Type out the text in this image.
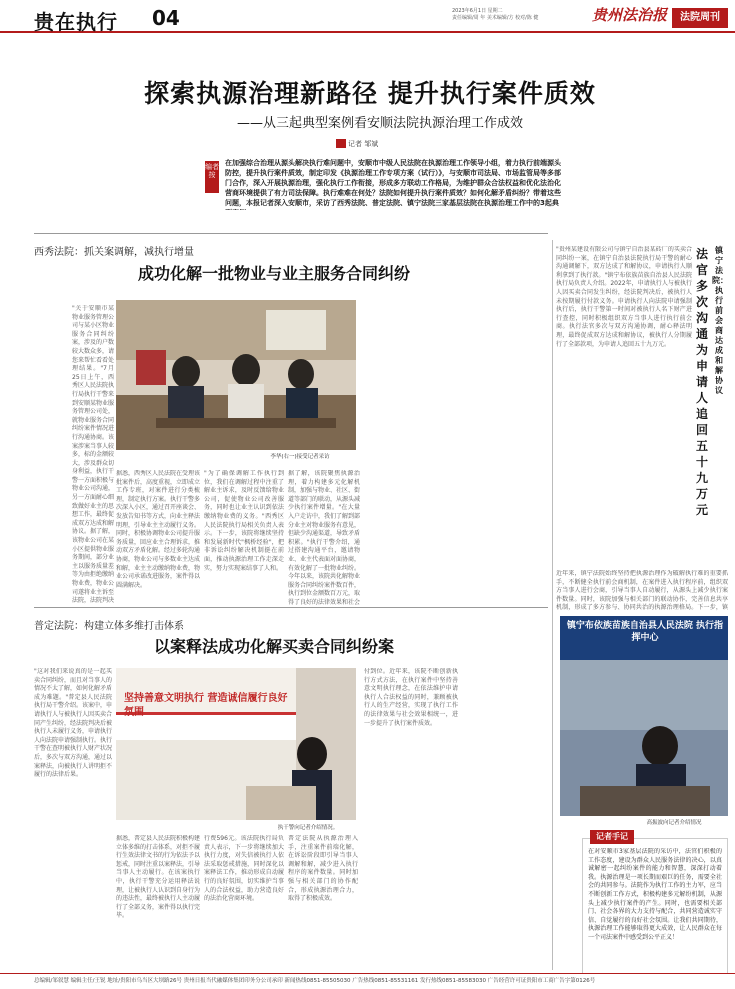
贵在执行 04	2023年6月1日 星期二
责任编辑/周 年 美术编辑/方 校对/陈 健	贵州法治报	法院周刊
探索执源治理新路径 提升执行案件质效
——从三起典型案例看安顺法院执源治理工作成效
记者 邹斌
编者按
在加强综合治理从源头解决执行难问题中，安顺市中级人民法院在执源治理工作领导小组，着力执行前端源头防控，提升执行案件质效，制定印发《执源治理工作专项方案（试行）》，与安顺市司法局、市场监管局等多部门合作，深入开展执源治理，强化执行工作衔接，形成多方联动工作格局，为维护群众合法权益和优化法治化营商环境提供了有力司法保障。执行难难在何处？法院如何提升执行案件质效？如何化解矛盾纠纷？带着这些问题，本报记者深入安顺市，采访了西秀法院、普定法院、镇宁法院三家基层法院在执源治理工作中的3起典
西秀法院：抓关案调解，减执行增量
成功化解一批物业与业主服务合同纠纷
李华(右一)接受记者采访
"关于安顺市某物业服务管理公司与某小区物业服务合同纠纷案，涉及的户数较大数众多，请您来帮忙看看处理结果。"7月25日上午，西秀区人民法院执行局执行干警来到安顺某物业服务管理公司处，就物业服务合同纠纷案件情况进行沟通协商。该案涉案当事人较多，标的金额较大，涉及群众切身利益，执行干警一方面积极与物业公司沟通，另一方面耐心细致做好业主的思想工作，最终促成双方达成和解协议。据了解，该物业公司在某小区提供物业服务期间，部分业主以服务质量差等为由拒绝缴纳物业费，物业公司遂将业主诉至法院，法院判决
据悉，西秀区人民法院在受理该批案件后，高度重视，立即成立工作专班，对案件进行分类梳理，制定执行方案。执行干警多次深入小区，通过召开座谈会、发放告知书等方式，向业主释法明理，引导业主主动履行义务。同时，积极协调物业公司提升服务质量，回应业主合理诉求，推动双方矛盾化解。经过多轮沟通协商，物业公司与多数业主达成和解，业主主动缴纳物业费，物业公司承诺改进服务，案件得以圆满解决。
"为了确保调解工作执行到位，我们在调解过程中注重了解业主诉求，及时反馈给物业公司，促使物业公司改善服务，同时也让业主认识到依法缴纳物业费的义务。"西秀区人民法院执行局相关负责人表示。下一步，该院将继续坚持和发展新时代"枫桥经验"，把非诉讼纠纷解决机制挺在前面，推动执源治理工作走深走实，努力实现案结事了人和。
据了解，该院聚焦执源治理，着力构建多元化解机制，加强与物业、社区、街道等部门的联动，从源头减少执行案件增量。"在大量入户走访中，我们了解到部分业主对物业服务有意见，但缺少沟通渠道，导致矛盾积累。"执行干警介绍，通过搭建沟通平台，邀请物业、业主代表面对面协商，有效化解了一批物业纠纷。今年以来，该院共化解物业服务合同纠纷案件数百件，执行到位金额数百万元，取得了良好的法律效果和社会
普定法院：构建立体多维打击体系
以案释法成功化解买卖合同纠纷案
坚持善意文明执行 营造诚信履行良好氛围
执干警向记者介绍情况。
"这对我们来说真的是一起买卖合同纠纷，而且对当事人的情况不太了解，如何化解矛盾成为难题。"普定县人民法院执行局干警介绍。该案中，申请执行人与被执行人因买卖合同产生纠纷，经法院判决后被执行人未履行义务，申请执行人向法院申请强制执行。执行干警在查明被执行人财产状况后，多次与双方沟通，通过以案释法，向被执行人讲明拒不履行的法律后果。
据悉，普定县人民法院积极构建立体多维的打击体系，对拒不履行生效法律文书的行为依法予以惩戒，同时注重以案释法，引导当事人主动履行。在该案执行中，执行干警充分运用释法说理，让被执行人认识到自身行为的违法性，最终被执行人主动履行了全部义务，案件得以执行完毕。
行费596元。该法院执行局负责人表示，下一步将继续加大执行力度，对失信被执行人依法采取惩戒措施，同时深化以案释法工作，推动形成自动履行的良好氛围，切实维护当事人的合法权益，助力营造良好的法治化营商环境。
普定法院从执源治理入手，注重案件前端化解，在诉讼阶段即引导当事人调解和解，减少进入执行程序的案件数量。同时加强与相关部门的协作配合，形成执源治理合力，取得了积极成效。
付到位。近年来，该院不断创新执行方式方法，在执行案件中坚持善意文明执行理念，在依法维护申请执行人合法权益的同时，兼顾被执行人的生产经营，实现了执行工作的法律效果与社会效果相统一，进一步提升了执行案件质效。
镇宁法院：执行前会商达成和解协议
法官多次沟通为申请人追回五十九万元
"贵州某建设有限公司与镇宁自治县某砖厂的买卖合同纠纷一案，在镇宁自治县法院执行局干警的耐心沟通调解下，双方达成了和解协议，申请执行人顺利拿到了执行款。"镇宁布依族苗族自治县人民法院执行局负责人介绍。2022年，申请执行人与被执行人因买卖合同发生纠纷，经法院判决后，被执行人未按期履行付款义务。申请执行人向法院申请强制执行后，执行干警第一时间对被执行人名下财产进行查控，同时积极组织双方当事人进行执行前会商。执行法官多次与双方沟通协调，耐心释法明理，最终促成双方达成和解协议，被执行人分期履行了全部款项，为申请人追回五十九万元。
近年来，镇宁法院始终坚持把执源治理作为破解执行难的重要抓手，不断健全执行前会商机制，在案件进入执行程序前，组织双方当事人进行会商，引导当事人自动履行，从源头上减少执行案件数量。同时，该院加强与相关部门的联动协作，完善信息共享机制，形成了多方参与、协同共治的执源治理格局。下一步，镇
镇宁布依族苗族自治县人民法院 执行指挥中心
高振波向记者介绍情况
记者手记
在对安顺市3家基层法院的采访中，法官们积极的工作态度，建设为群众人民服务法律的决心，以真诚解密一起纠纷案件的能力和智慧，深深打动着我。执源治理是一项长期而艰巨的任务，需要全社会的共同参与。法院作为执行工作的主力军，应当不断创新工作方式，积极构建多元解纷机制，从源头上减少执行案件的产生。同时，也需要相关部门、社会各界的大力支持与配合，共同营造诚实守信、自觉履行的良好社会氛围。让我们共同期待，执源治理工作能够取得更大成效，让人民群众在每一个司法案件中感受到公平正义！
总编辑/邹叙慧 编辑主任/王锐 地址/贵阳市乌当区大坝路26号 贵州日报当代融媒体集团印务分公司承印 新闻热线0851-85505030 广告热线0851-85531161 发行热线0851-85583030 广告经营许可证贵阳市工商广告字第0126号
